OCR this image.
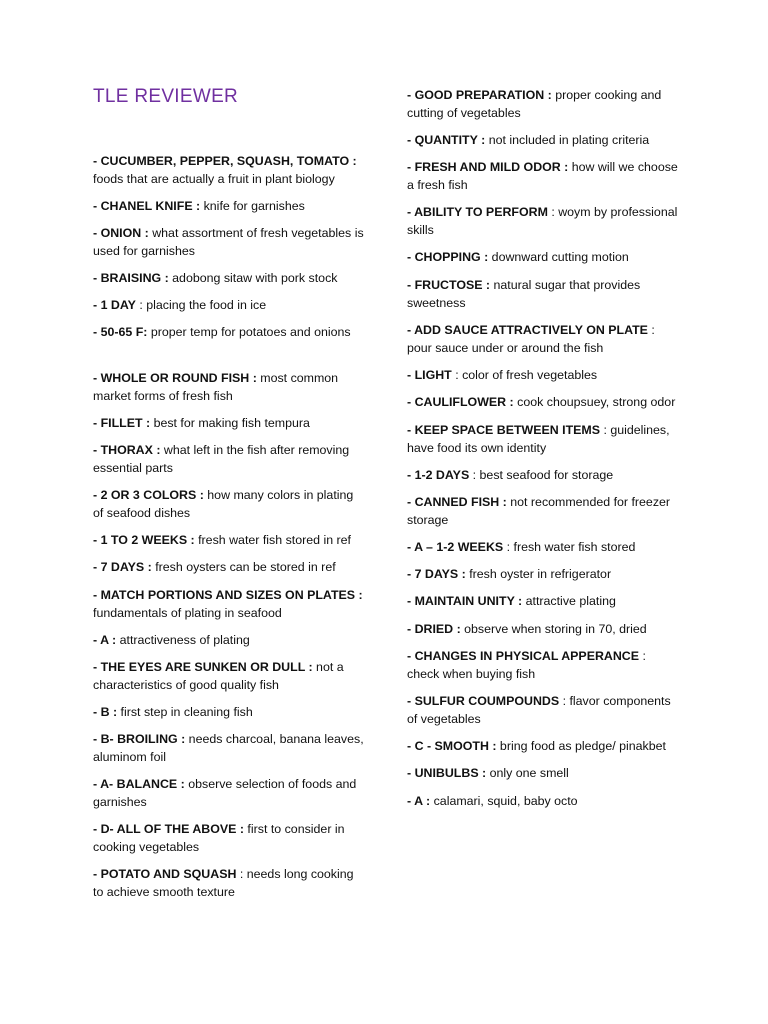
TLE REVIEWER
- CUCUMBER, PEPPER, SQUASH, TOMATO : foods that are actually a fruit in plant biology
- CHANEL KNIFE : knife for garnishes
- ONION : what assortment of fresh vegetables is used for garnishes
- BRAISING : adobong sitaw with pork stock
- 1 DAY : placing the food in ice
- 50-65 F: proper temp for potatoes and onions
- WHOLE OR ROUND FISH : most common market forms of fresh fish
- FILLET : best for making fish tempura
- THORAX : what left in the fish after removing essential parts
- 2 OR 3 COLORS : how many colors in plating of seafood dishes
- 1 TO 2 WEEKS : fresh water fish stored in ref
- 7 DAYS : fresh oysters can be stored in ref
- MATCH PORTIONS AND SIZES ON PLATES : fundamentals of plating in seafood
- A : attractiveness of plating
- THE EYES ARE SUNKEN OR DULL : not a characteristics of good quality fish
- B : first step in cleaning fish
- B- BROILING : needs charcoal, banana leaves, aluminom foil
- A- BALANCE : observe selection of foods and garnishes
- D- ALL OF THE ABOVE : first to consider in cooking vegetables
- POTATO AND SQUASH : needs long cooking to achieve smooth texture
- GOOD PREPARATION : proper cooking and cutting of vegetables
- QUANTITY : not included in plating criteria
- FRESH AND MILD ODOR : how will we choose a fresh fish
- ABILITY TO PERFORM : woym by professional skills
- CHOPPING : downward cutting motion
- FRUCTOSE : natural sugar that provides sweetness
- ADD SAUCE ATTRACTIVELY ON PLATE : pour sauce under or around the fish
- LIGHT : color of fresh vegetables
- CAULIFLOWER : cook choupsuey, strong odor
- KEEP SPACE BETWEEN ITEMS : guidelines, have food its own identity
- 1-2 DAYS : best seafood for storage
- CANNED FISH : not recommended for freezer storage
- A – 1-2 WEEKS : fresh water fish stored
- 7 DAYS : fresh oyster in refrigerator
- MAINTAIN UNITY : attractive plating
- DRIED : observe when storing in 70, dried
- CHANGES IN PHYSICAL APPERANCE : check when buying fish
- SULFUR COUMPOUNDS : flavor components of vegetables
- C - SMOOTH : bring food as pledge/ pinakbet
- UNIBULBS : only one smell
- A : calamari, squid, baby octo
